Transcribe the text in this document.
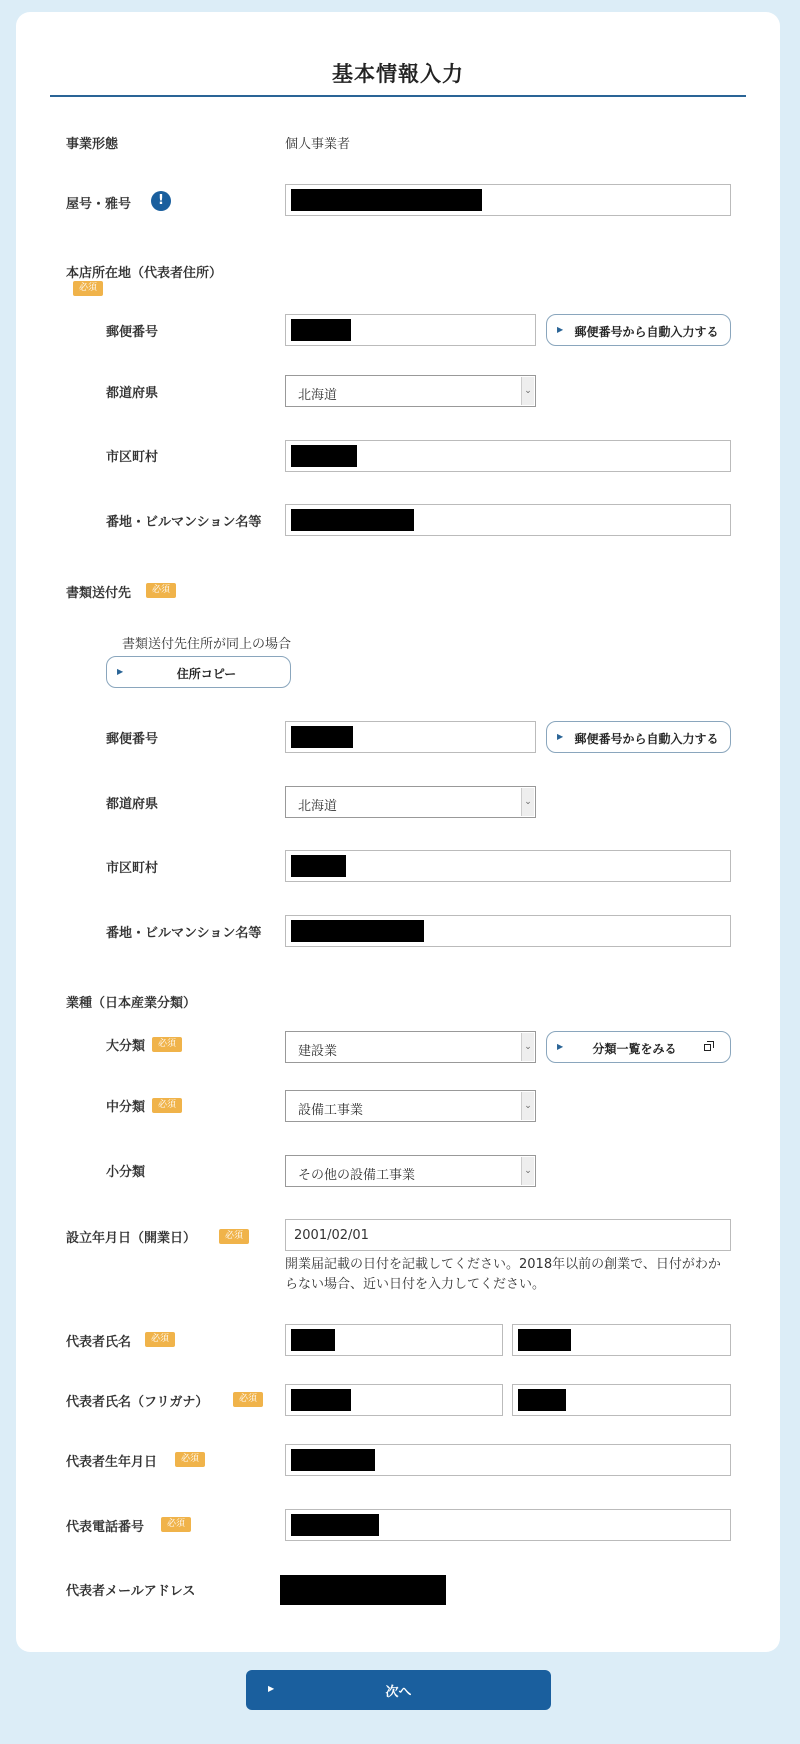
基本情報入力
事業形態	個人事業者
屋号・雅号	!
本店所在地（代表者住所）
必須
郵便番号	▶ 郵便番号から自動入力する
都道府県	北海道	⌄
市区町村
番地・ビルマンション名等
書類送付先	必須
書類送付先住所が同上の場合
▶	住所コピー
郵便番号	▶ 郵便番号から自動入力する
都道府県	北海道	⌄
市区町村
番地・ビルマンション名等
業種（日本産業分類）
大分類	必須	建設業	⌄	▶	分類一覧をみる
中分類	必須	設備工事業	⌄
小分類	その他の設備工事業	⌄
設立年月日（開業日）	必須	2001/02/01
開業届記載の日付を記載してください。2018年以前の創業で、日付がわか
らない場合、近い日付を入力してください。
代表者氏名	必須
代表者氏名（フリガナ）	必須
代表者生年月日	必須
代表電話番号	必須
代表者メールアドレス
▶	次へ
